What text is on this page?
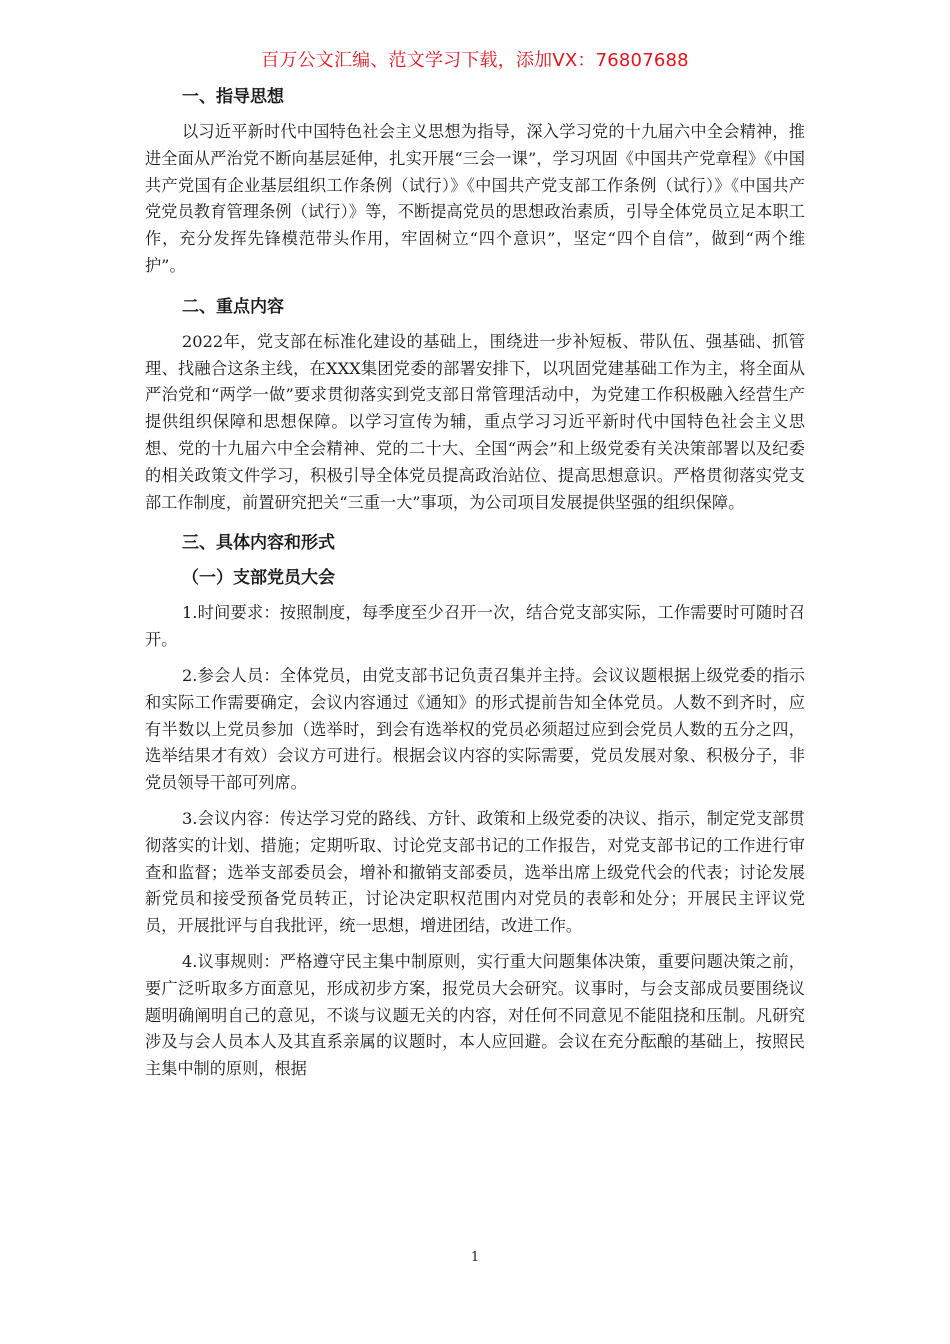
百万公文汇编、范文学习下载，添加VX：76807688

一、指导思想

以习近平新时代中国特色社会主义思想为指导，深入学习党的十九届六中全会精神，推进全面从严治党不断向基层延伸，扎实开展“三会一课”，学习巩固《中国共产党章程》《中国共产党国有企业基层组织工作条例（试行）》《中国共产党支部工作条例（试行）》《中国共产党党员教育管理条例（试行）》等，不断提高党员的思想政治素质，引导全体党员立足本职工作，充分发挥先锋模范带头作用，牢固树立“四个意识”，坚定“四个自信”，做到“两个维护”。

二、重点内容

2022年，党支部在标准化建设的基础上，围绕进一步补短板、带队伍、强基础、抓管理、找融合这条主线，在XXX集团党委的部署安排下，以巩固党建基础工作为主，将全面从严治党和“两学一做”要求贯彻落实到党支部日常管理活动中，为党建工作积极融入经营生产提供组织保障和思想保障。以学习宣传为辅，重点学习习近平新时代中国特色社会主义思想、党的十九届六中全会精神、党的二十大、全国“两会”和上级党委有关决策部署以及纪委的相关政策文件学习，积极引导全体党员提高政治站位、提高思想意识。严格贯彻落实党支部工作制度，前置研究把关“三重一大”事项，为公司项目发展提供坚强的组织保障。

三、具体内容和形式

（一）支部党员大会

1.时间要求：按照制度，每季度至少召开一次，结合党支部实际，工作需要时可随时召开。

2.参会人员：全体党员，由党支部书记负责召集并主持。会议议题根据上级党委的指示和实际工作需要确定，会议内容通过《通知》的形式提前告知全体党员。人数不到齐时，应有半数以上党员参加（选举时，到会有选举权的党员必须超过应到会党员人数的五分之四，选举结果才有效）会议方可进行。根据会议内容的实际需要，党员发展对象、积极分子，非党员领导干部可列席。

3.会议内容：传达学习党的路线、方针、政策和上级党委的决议、指示，制定党支部贯彻落实的计划、措施；定期听取、讨论党支部书记的工作报告，对党支部书记的工作进行审查和监督；选举支部委员会，增补和撤销支部委员，选举出席上级党代会的代表；讨论发展新党员和接受预备党员转正，讨论决定职权范围内对党员的表彰和处分；开展民主评议党员，开展批评与自我批评，统一思想，增进团结，改进工作。

4.议事规则：严格遵守民主集中制原则，实行重大问题集体决策，重要问题决策之前，要广泛听取多方面意见，形成初步方案，报党员大会研究。议事时，与会支部成员要围绕议题明确阐明自己的意见，不谈与议题无关的内容，对任何不同意见不能阻挠和压制。凡研究涉及与会人员本人及其直系亲属的议题时，本人应回避。会议在充分酝酿的基础上，按照民主集中制的原则，根据

1
